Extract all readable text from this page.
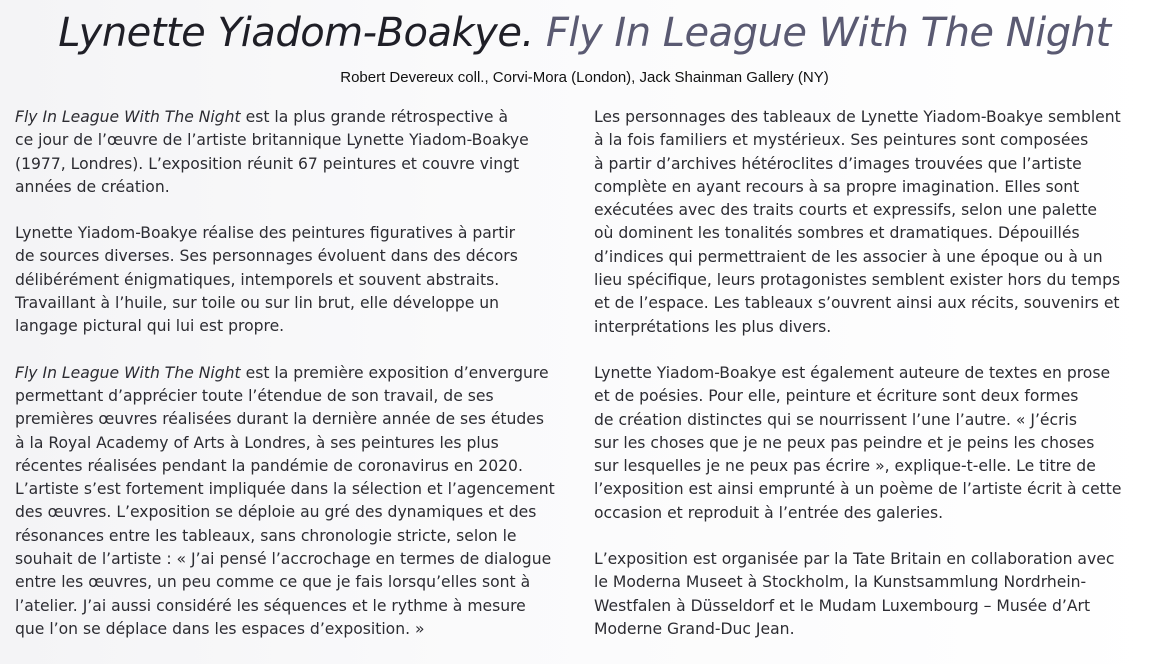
Lynette Yiadom-Boakye. Fly In League With The Night

Robert Devereux coll., Corvi-Mora (London), Jack Shainman Gallery (NY)

Fly In League With The Night est la plus grande rétrospective à
ce jour de l’œuvre de l’artiste britannique Lynette Yiadom-Boakye
(1977, Londres). L’exposition réunit 67 peintures et couvre vingt
années de création.

Lynette Yiadom-Boakye réalise des peintures figuratives à partir
de sources diverses. Ses personnages évoluent dans des décors
délibérément énigmatiques, intemporels et souvent abstraits.
Travaillant à l’huile, sur toile ou sur lin brut, elle développe un
langage pictural qui lui est propre.

Fly In League With The Night est la première exposition d’envergure
permettant d’apprécier toute l’étendue de son travail, de ses
premières œuvres réalisées durant la dernière année de ses études
à la Royal Academy of Arts à Londres, à ses peintures les plus
récentes réalisées pendant la pandémie de coronavirus en 2020.
L’artiste s’est fortement impliquée dans la sélection et l’agencement
des œuvres. L’exposition se déploie au gré des dynamiques et des
résonances entre les tableaux, sans chronologie stricte, selon le
souhait de l’artiste : « J’ai pensé l’accrochage en termes de dialogue
entre les œuvres, un peu comme ce que je fais lorsqu’elles sont à
l’atelier. J’ai aussi considéré les séquences et le rythme à mesure
que l’on se déplace dans les espaces d’exposition. »

Les personnages des tableaux de Lynette Yiadom-Boakye semblent
à la fois familiers et mystérieux. Ses peintures sont composées
à partir d’archives hétéroclites d’images trouvées que l’artiste
complète en ayant recours à sa propre imagination. Elles sont
exécutées avec des traits courts et expressifs, selon une palette
où dominent les tonalités sombres et dramatiques. Dépouillés
d’indices qui permettraient de les associer à une époque ou à un
lieu spécifique, leurs protagonistes semblent exister hors du temps
et de l’espace. Les tableaux s’ouvrent ainsi aux récits, souvenirs et
interprétations les plus divers.

Lynette Yiadom-Boakye est également auteure de textes en prose
et de poésies. Pour elle, peinture et écriture sont deux formes
de création distinctes qui se nourrissent l’une l’autre. « J’écris
sur les choses que je ne peux pas peindre et je peins les choses
sur lesquelles je ne peux pas écrire », explique-t-elle. Le titre de
l’exposition est ainsi emprunté à un poème de l’artiste écrit à cette
occasion et reproduit à l’entrée des galeries.

L’exposition est organisée par la Tate Britain en collaboration avec
le Moderna Museet à Stockholm, la Kunstsammlung Nordrhein-
Westfalen à Düsseldorf et le Mudam Luxembourg – Musée d’Art
Moderne Grand-Duc Jean.
